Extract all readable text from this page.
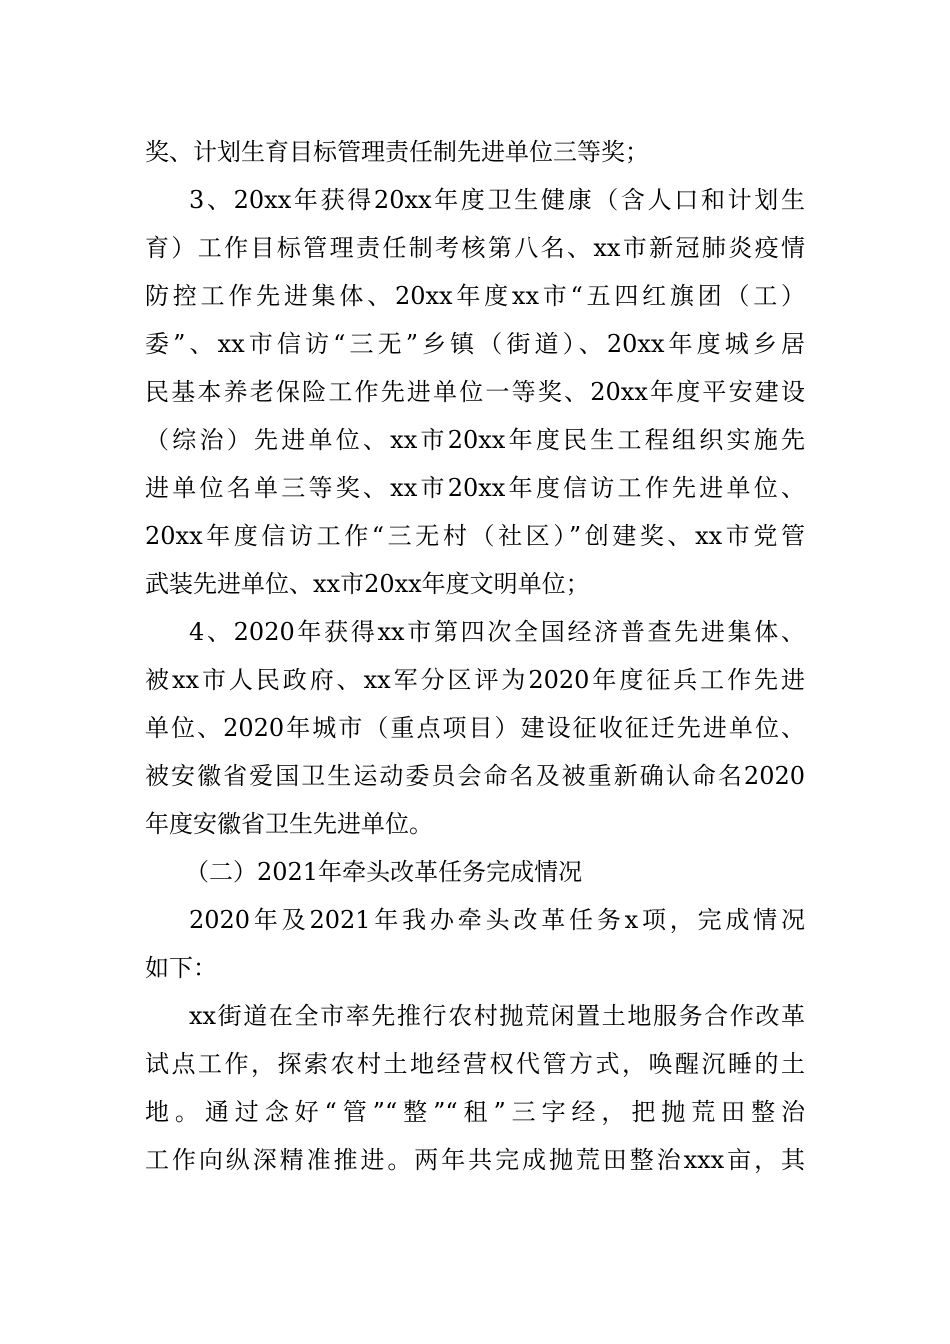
奖、计划生育目标管理责任制先进单位三等奖；
3、20xx年获得20xx年度卫生健康（含人口和计划生
育）工作目标管理责任制考核第八名、xx市新冠肺炎疫情
防控工作先进集体、20xx年度xx市“五四红旗团（工）
委”、xx市信访“三无”乡镇（街道）、20xx年度城乡居
民基本养老保险工作先进单位一等奖、20xx年度平安建设
（综治）先进单位、xx市20xx年度民生工程组织实施先
进单位名单三等奖、xx市20xx年度信访工作先进单位、
20xx年度信访工作“三无村（社区）”创建奖、xx市党管
武装先进单位、xx市20xx年度文明单位；
4、2020年获得xx市第四次全国经济普查先进集体、
被xx市人民政府、xx军分区评为2020年度征兵工作先进
单位、2020年城市（重点项目）建设征收征迁先进单位、
被安徽省爱国卫生运动委员会命名及被重新确认命名2020
年度安徽省卫生先进单位。
（二）2021年牵头改革任务完成情况
2020年及2021年我办牵头改革任务x项，完成情况
如下：
xx街道在全市率先推行农村抛荒闲置土地服务合作改革
试点工作，探索农村土地经营权代管方式，唤醒沉睡的土
地。通过念好“管”“整”“租”三字经，把抛荒田整治
工作向纵深精准推进。两年共完成抛荒田整治xxx亩，其
